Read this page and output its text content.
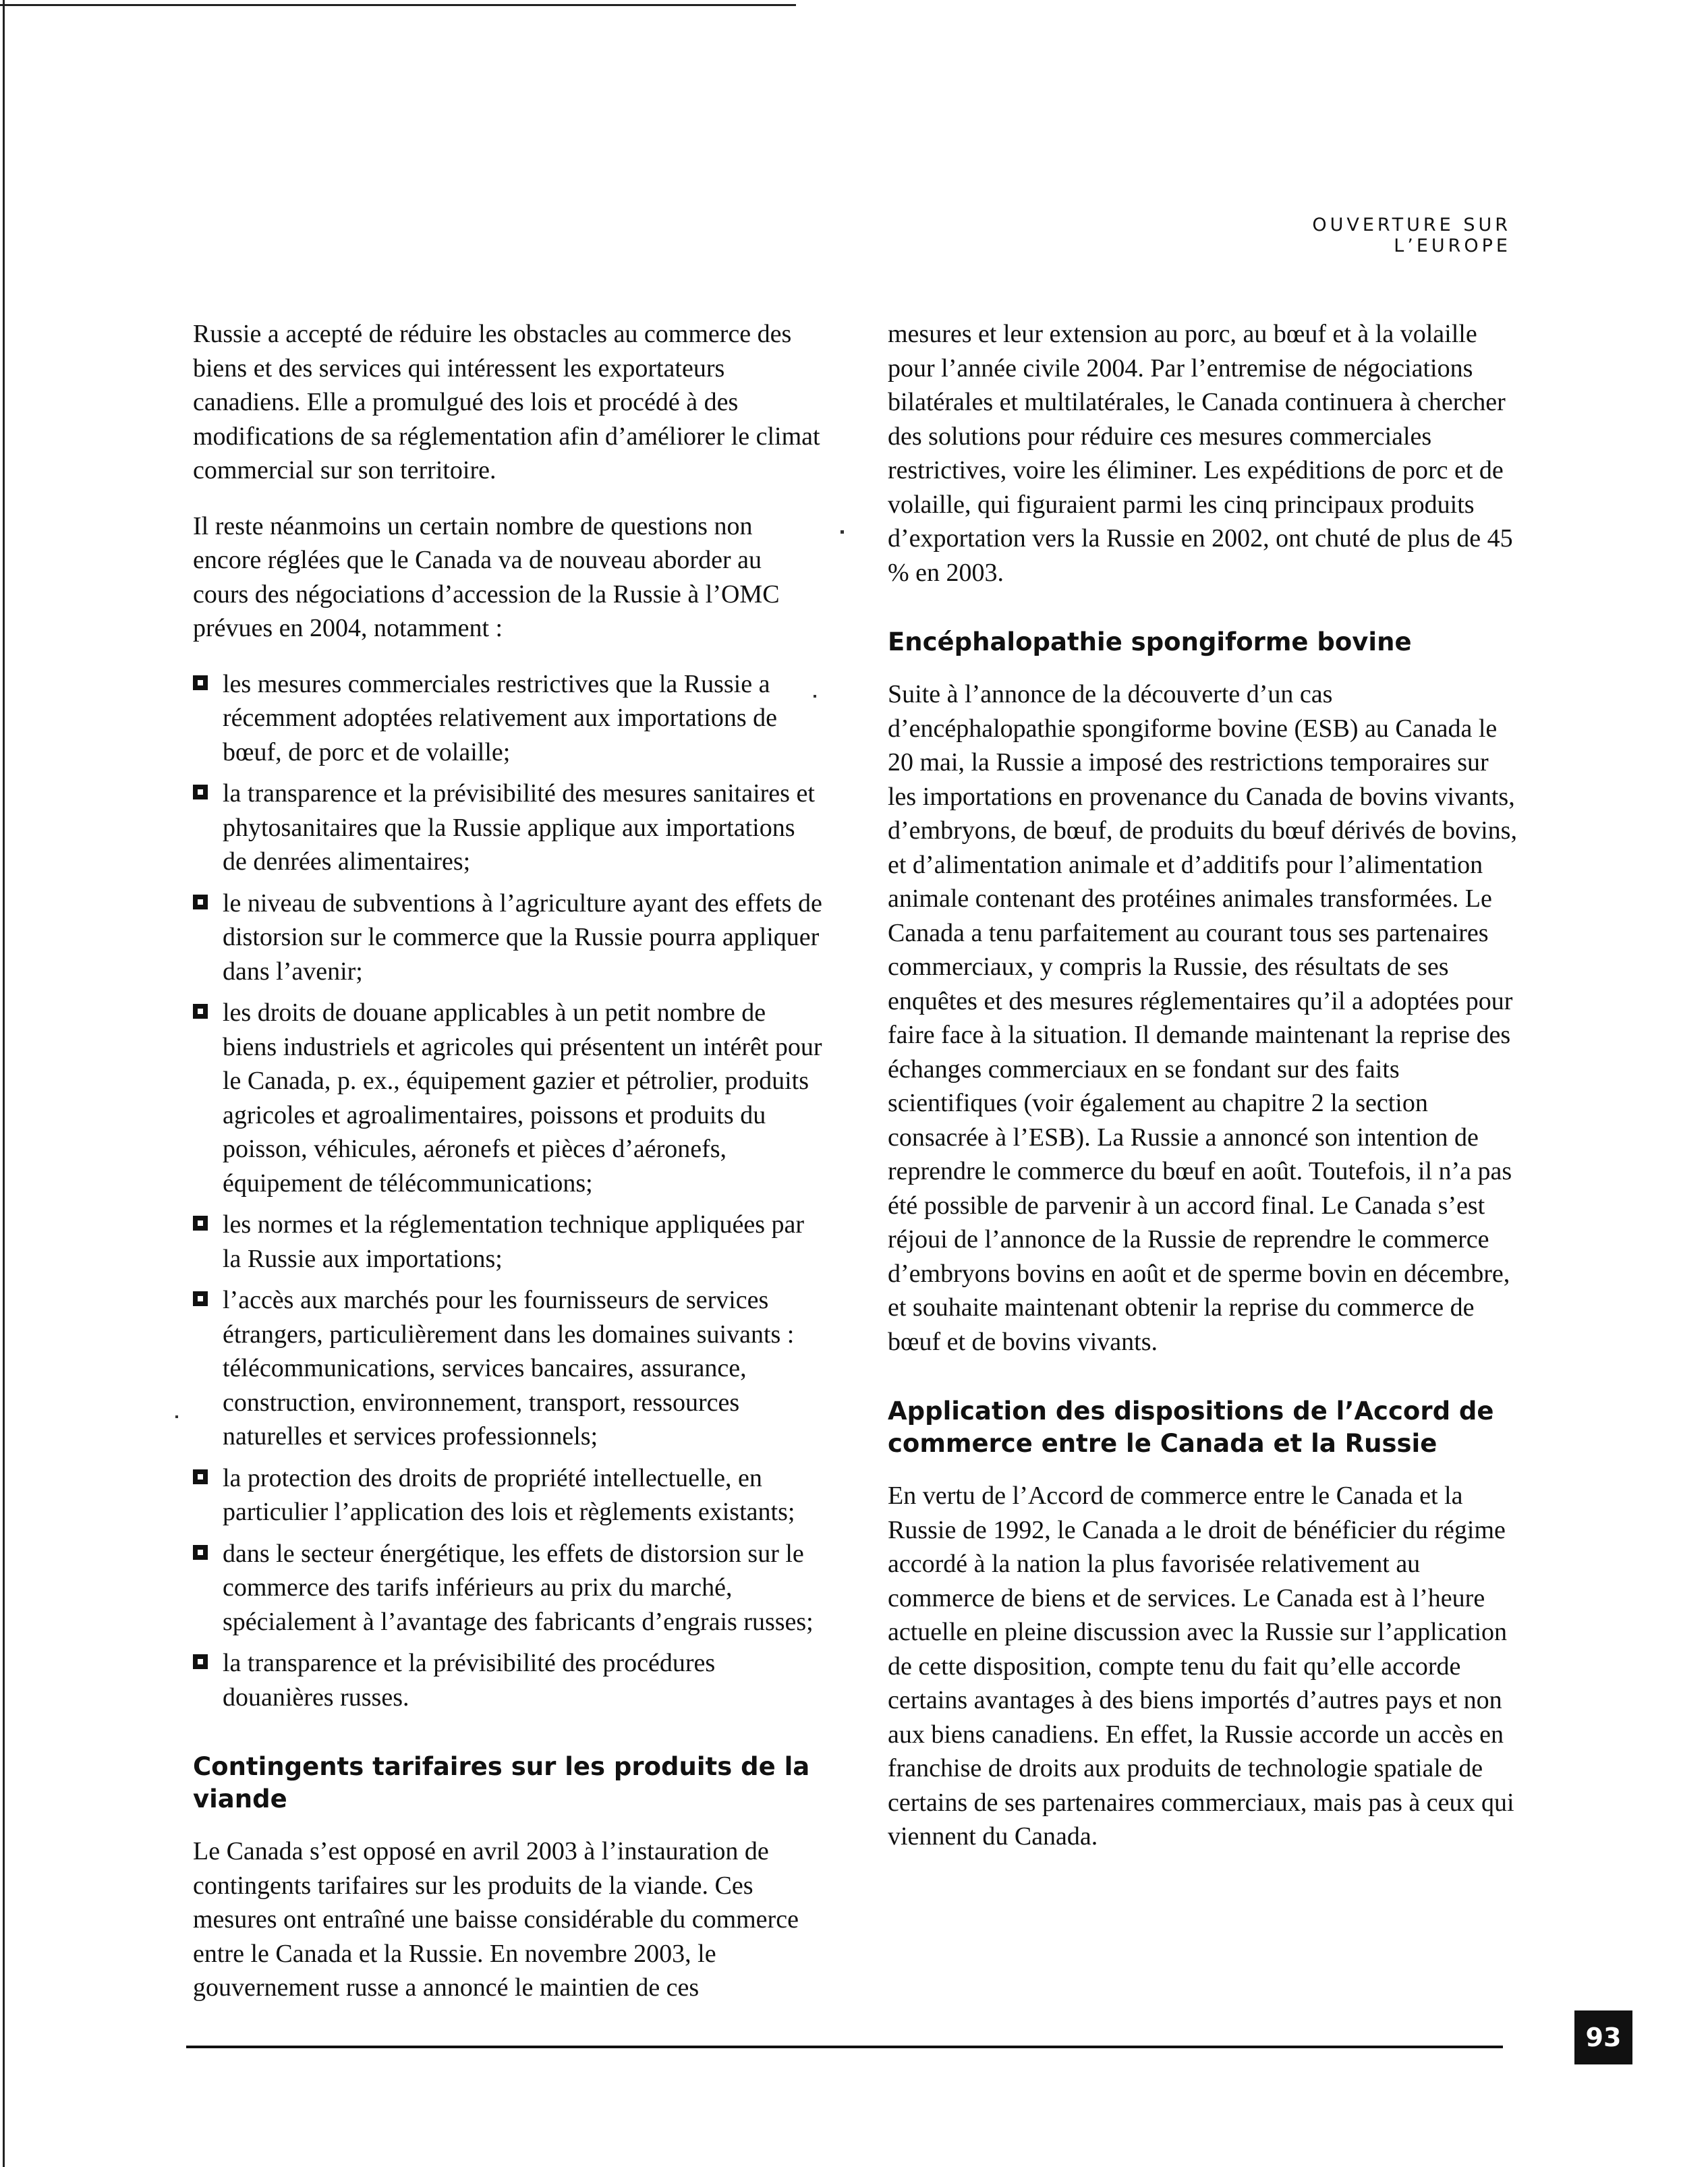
OUVERTURE SUR L’EUROPE

Russie a accepté de réduire les obstacles au commerce des biens et des services qui intéressent les exportateurs canadiens. Elle a promulgué des lois et procédé à des modifications de sa réglementation afin d’améliorer le climat commercial sur son territoire.

Il reste néanmoins un certain nombre de questions non encore réglées que le Canada va de nouveau aborder au cours des négociations d’accession de la Russie à l’OMC prévues en 2004, notamment :

les mesures commerciales restrictives que la Russie a récemment adoptées relativement aux importations de bœuf, de porc et de volaille;
la transparence et la prévisibilité des mesures sanitaires et phytosanitaires que la Russie applique aux importations de denrées alimentaires;
le niveau de subventions à l’agriculture ayant des effets de distorsion sur le commerce que la Russie pourra appliquer dans l’avenir;
les droits de douane applicables à un petit nombre de biens industriels et agricoles qui présentent un intérêt pour le Canada, p. ex., équipement gazier et pétrolier, produits agricoles et agroalimentaires, poissons et produits du poisson, véhicules, aéronefs et pièces d’aéronefs, équipement de télécommunications;
les normes et la réglementation technique appliquées par la Russie aux importations;
l’accès aux marchés pour les fournisseurs de services étrangers, particulièrement dans les domaines suivants : télécommunications, services bancaires, assurance, construction, environnement, transport, ressources naturelles et services professionnels;
la protection des droits de propriété intellectuelle, en particulier l’application des lois et règlements existants;
dans le secteur énergétique, les effets de distorsion sur le commerce des tarifs inférieurs au prix du marché, spécialement à l’avantage des fabricants d’engrais russes;
la transparence et la prévisibilité des procédures douanières russes.
Contingents tarifaires sur les produits de la viande

Le Canada s’est opposé en avril 2003 à l’instauration de contingents tarifaires sur les produits de la viande. Ces mesures ont entraîné une baisse considérable du commerce entre le Canada et la Russie. En novembre 2003, le gouvernement russe a annoncé le maintien de ces

mesures et leur extension au porc, au bœuf et à la volaille pour l’année civile 2004. Par l’entremise de négociations bilatérales et multilatérales, le Canada continuera à chercher des solutions pour réduire ces mesures commerciales restrictives, voire les éliminer. Les expéditions de porc et de volaille, qui figuraient parmi les cinq principaux produits d’exportation vers la Russie en 2002, ont chuté de plus de 45 % en 2003.

Encéphalopathie spongiforme bovine

Suite à l’annonce de la découverte d’un cas d’encéphalopathie spongiforme bovine (ESB) au Canada le 20 mai, la Russie a imposé des restrictions temporaires sur les importations en provenance du Canada de bovins vivants, d’embryons, de bœuf, de produits du bœuf dérivés de bovins, et d’alimentation animale et d’additifs pour l’alimentation animale contenant des protéines animales transformées. Le Canada a tenu parfaitement au courant tous ses partenaires commerciaux, y compris la Russie, des résultats de ses enquêtes et des mesures réglementaires qu’il a adoptées pour faire face à la situation. Il demande maintenant la reprise des échanges commerciaux en se fondant sur des faits scientifiques (voir également au chapitre 2 la section consacrée à l’ESB). La Russie a annoncé son intention de reprendre le commerce du bœuf en août. Toutefois, il n’a pas été possible de parvenir à un accord final. Le Canada s’est réjoui de l’annonce de la Russie de reprendre le commerce d’embryons bovins en août et de sperme bovin en décembre, et souhaite maintenant obtenir la reprise du commerce de bœuf et de bovins vivants.

Application des dispositions de l’Accord de commerce entre le Canada et la Russie

En vertu de l’Accord de commerce entre le Canada et la Russie de 1992, le Canada a le droit de bénéficier du régime accordé à la nation la plus favorisée relativement au commerce de biens et de services. Le Canada est à l’heure actuelle en pleine discussion avec la Russie sur l’application de cette disposition, compte tenu du fait qu’elle accorde certains avantages à des biens importés d’autres pays et non aux biens canadiens. En effet, la Russie accorde un accès en franchise de droits aux produits de technologie spatiale de certains de ses partenaires commerciaux, mais pas à ceux qui viennent du Canada.

93
